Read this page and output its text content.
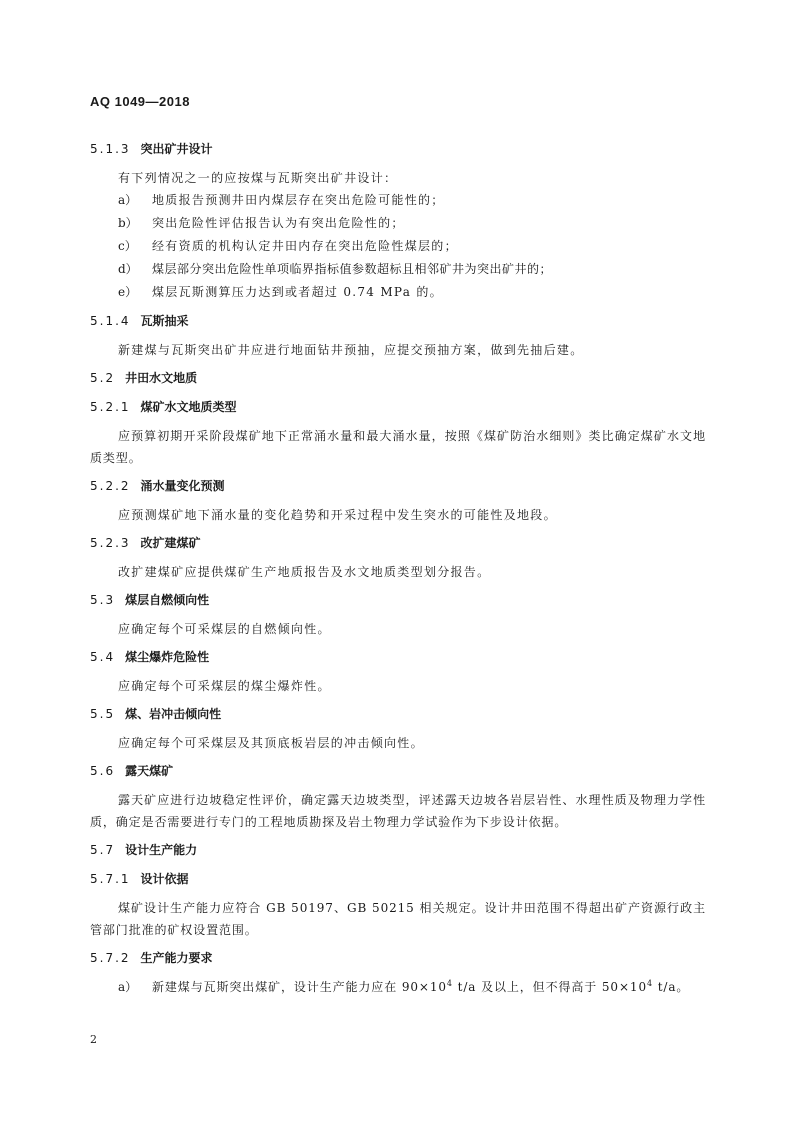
AQ 1049—2018
5.1.3 突出矿井设计
有下列情况之一的应按煤与瓦斯突出矿井设计：
a） 地质报告预测井田内煤层存在突出危险可能性的；
b） 突出危险性评估报告认为有突出危险性的；
c） 经有资质的机构认定井田内存在突出危险性煤层的；
d） 煤层部分突出危险性单项临界指标值参数超标且相邻矿井为突出矿井的；
e） 煤层瓦斯测算压力达到或者超过 0.74 MPa 的。
5.1.4 瓦斯抽采
新建煤与瓦斯突出矿井应进行地面钻井预抽，应提交预抽方案，做到先抽后建。
5.2 井田水文地质
5.2.1 煤矿水文地质类型
应预算初期开采阶段煤矿地下正常涌水量和最大涌水量，按照《煤矿防治水细则》类比确定煤矿水文地质类型。
5.2.2 涌水量变化预测
应预测煤矿地下涌水量的变化趋势和开采过程中发生突水的可能性及地段。
5.2.3 改扩建煤矿
改扩建煤矿应提供煤矿生产地质报告及水文地质类型划分报告。
5.3 煤层自燃倾向性
应确定每个可采煤层的自燃倾向性。
5.4 煤尘爆炸危险性
应确定每个可采煤层的煤尘爆炸性。
5.5 煤、岩冲击倾向性
应确定每个可采煤层及其顶底板岩层的冲击倾向性。
5.6 露天煤矿
露天矿应进行边坡稳定性评价，确定露天边坡类型，评述露天边坡各岩层岩性、水理性质及物理力学性质，确定是否需要进行专门的工程地质勘探及岩土物理力学试验作为下步设计依据。
5.7 设计生产能力
5.7.1 设计依据
煤矿设计生产能力应符合 GB 50197、GB 50215 相关规定。设计井田范围不得超出矿产资源行政主管部门批准的矿权设置范围。
5.7.2 生产能力要求
a） 新建煤与瓦斯突出煤矿，设计生产能力应在 $90\times 10^4$ t/a 及以上，但不得高于 $50\times 10^4$ t/a。
2
